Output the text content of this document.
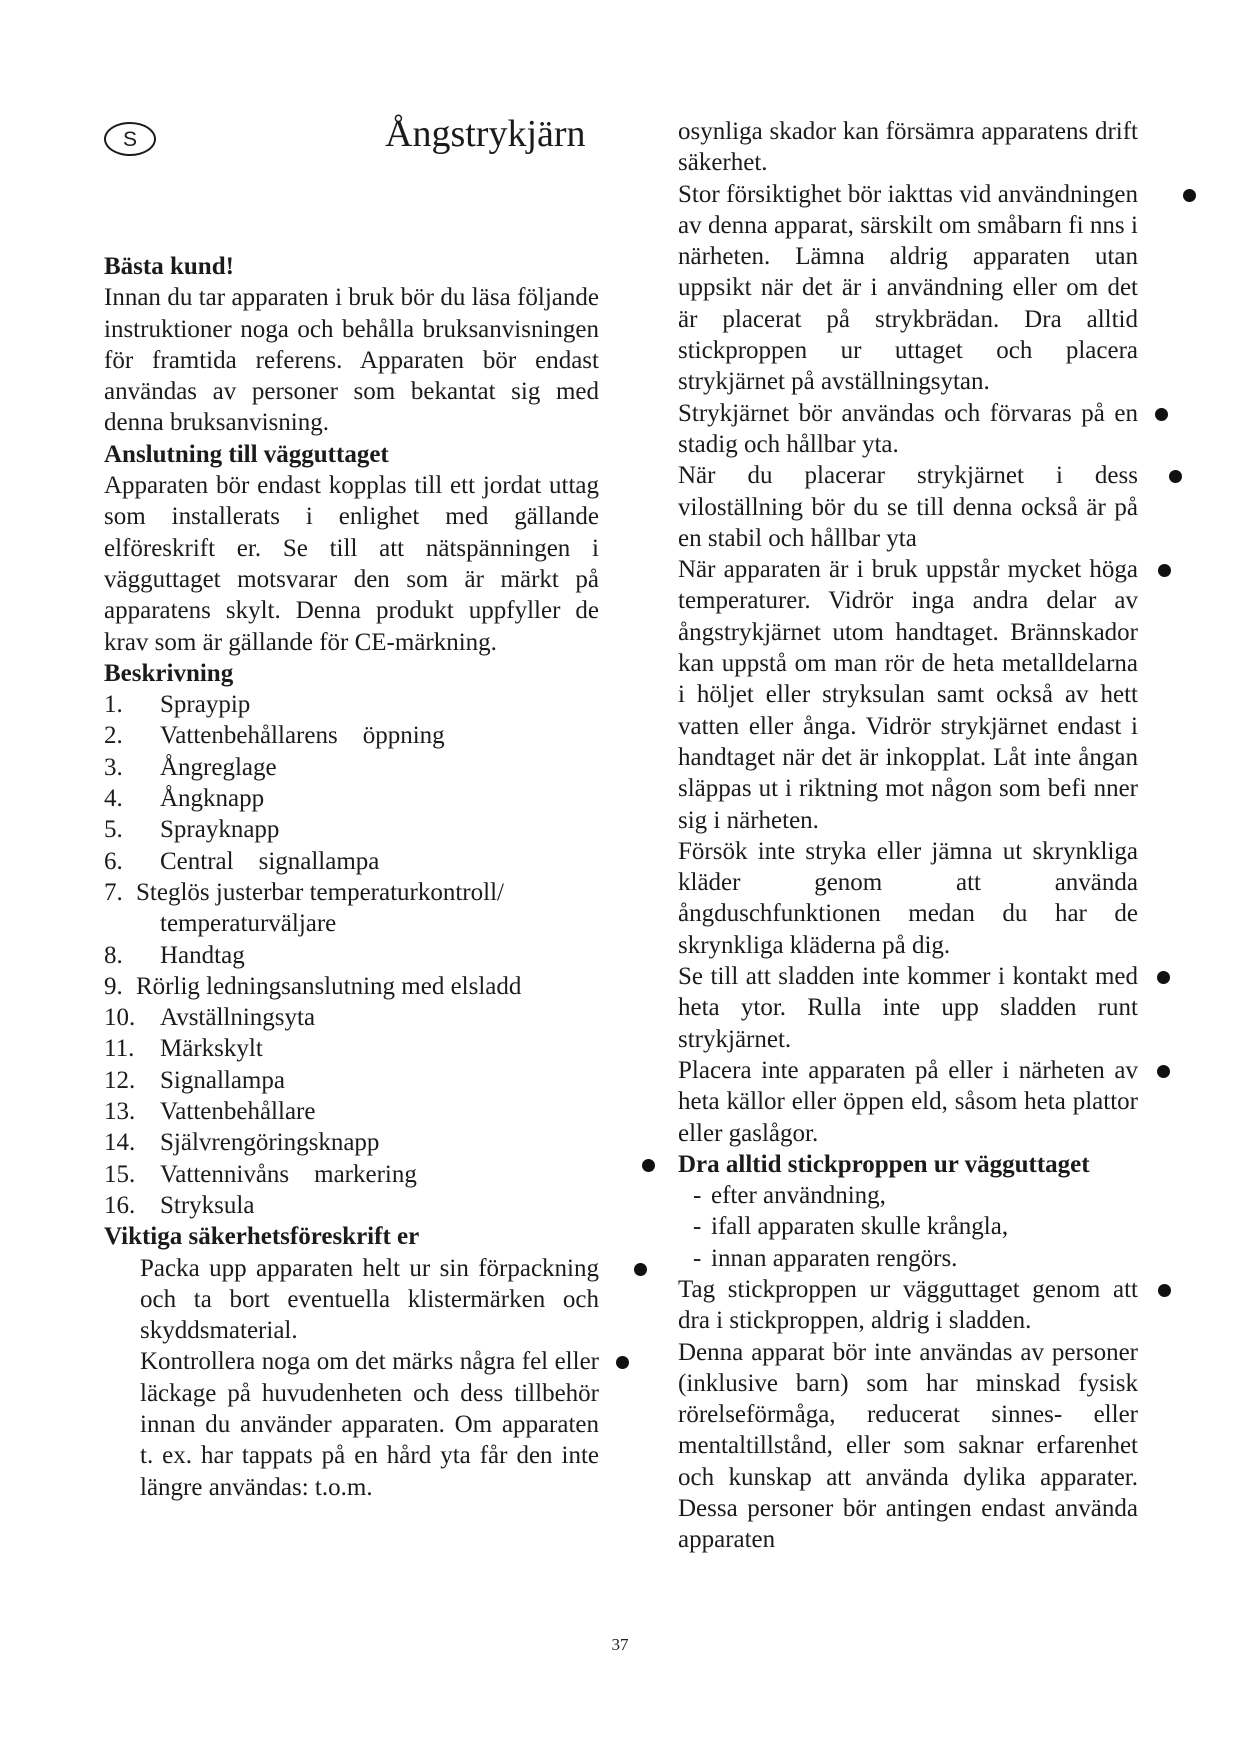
S	Ångstrykjärn

Bästa kund!

Innan du tar apparaten i bruk bör du läsa följande instruktioner noga och behålla bruksanvisningen för framtida referens. Apparaten bör endast användas av personer som bekantat sig med denna bruksanvisning.

Anslutning till vägguttaget

Apparaten bör endast kopplas till ett jordat uttag som installerats i enlighet med gällande elföreskrift er. Se till att nätspänningen i vägguttaget motsvarar den som är märkt på apparatens skylt. Denna produkt uppfyller de krav som är gällande för CE-märkning.

Beskrivning

1.	Spraypip
2.	Vattenbehållarens    öppning
3.	Ångreglage
4.	Ångknapp
5.	Sprayknapp
6.	Central    signallampa
7. Steglös justerbar temperaturkontroll/
temperaturväljare
8.	Handtag
9. Rörlig ledningsanslutning med elsladd
10. Avställningsyta
11.	Märkskylt
12. Signallampa
13. Vattenbehållare
14. Självrengöringsknapp
15. Vattennivåns    markering
16. Stryksula

Viktiga säkerhetsföreskrift er

Packa upp apparaten helt ur sin förpackning och ta bort eventuella klistermärken och skyddsmaterial.

Kontrollera noga om det märks några fel eller läckage på huvudenheten och dess tillbehör innan du använder apparaten. Om apparaten t. ex. har tappats på en hård yta får den inte längre användas: t.o.m.

osynliga skador kan försämra apparatens drift säkerhet.

Stor försiktighet bör iakttas vid användningen av denna apparat, särskilt om småbarn fi nns i närheten. Lämna aldrig apparaten utan uppsikt när det är i användning eller om det är placerat på strykbrädan. Dra alltid stickproppen ur uttaget och placera strykjärnet på avställningsytan.

Strykjärnet bör användas och förvaras på en stadig och hållbar yta.

När du placerar strykjärnet i dess viloställning bör du se till denna också är på en stabil och hållbar yta

När apparaten är i bruk uppstår mycket höga temperaturer. Vidrör inga andra delar av ångstrykjärnet utom handtaget. Brännskador kan uppstå om man rör de heta metalldelarna i höljet eller stryksulan samt också av hett vatten eller ånga. Vidrör strykjärnet endast i handtaget när det är inkopplat. Låt inte ångan släppas ut i riktning mot någon som befi nner sig i närheten.

Försök inte stryka eller jämna ut skrynkliga kläder genom att använda ångduschfunktionen medan du har de skrynkliga kläderna på dig.

Se till att sladden inte kommer i kontakt med heta ytor. Rulla inte upp sladden runt strykjärnet.

Placera inte apparaten på eller i närheten av heta källor eller öppen eld, såsom heta plattor eller gaslågor.

Dra alltid stickproppen ur vägguttaget

- efter användning,
- ifall apparaten skulle krångla,
- innan apparaten rengörs.

Tag stickproppen ur vägguttaget genom att dra i stickproppen, aldrig i sladden.

Denna apparat bör inte användas av personer (inklusive barn) som har minskad fysisk rörelseförmåga, reducerat sinnes- eller mentaltillstånd, eller som saknar erfarenhet och kunskap att använda dylika apparater. Dessa personer bör antingen endast använda apparaten

37
